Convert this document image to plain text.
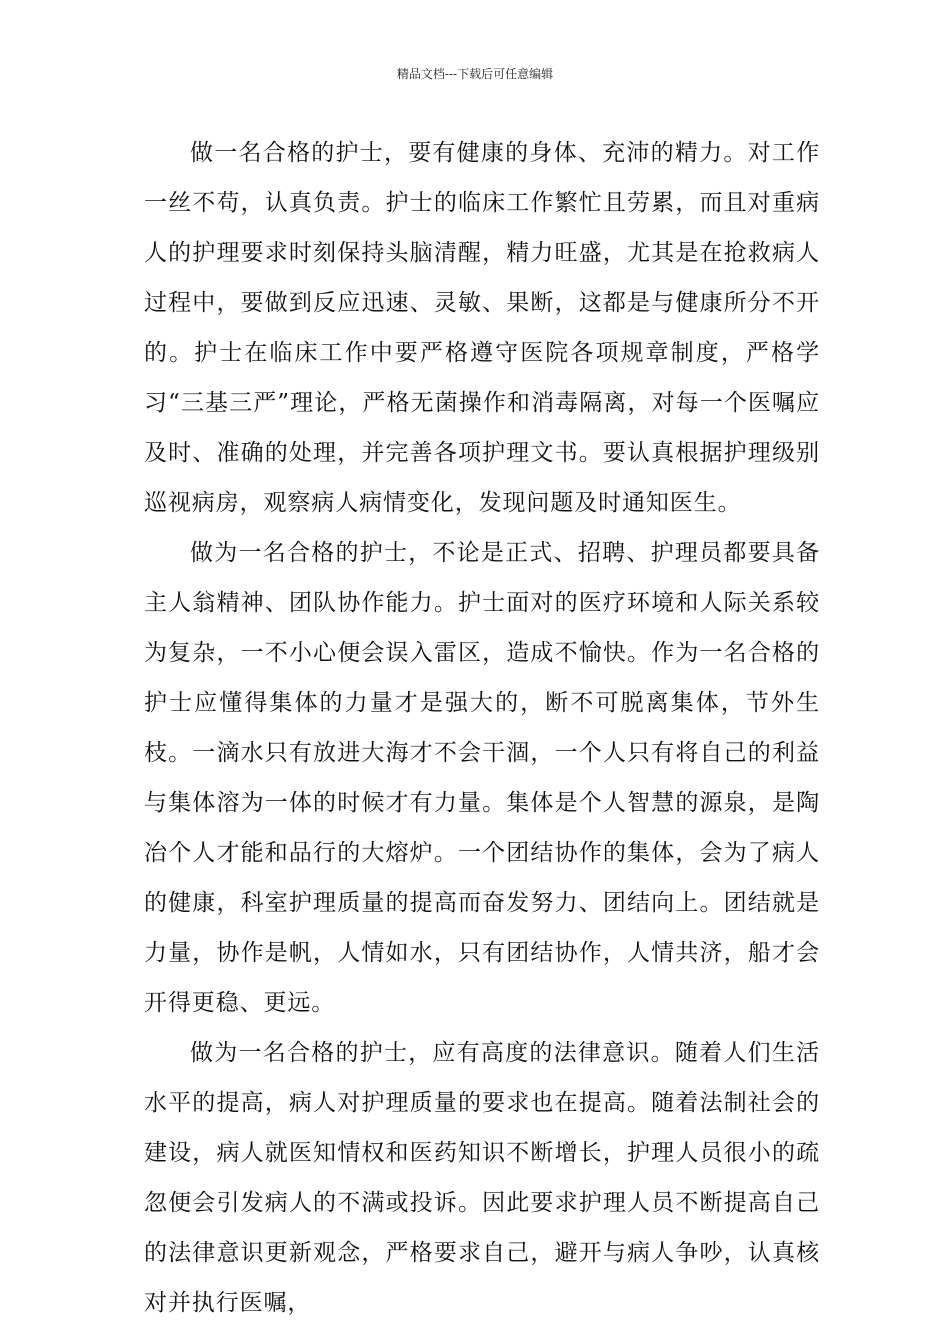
精品文档---下载后可任意编辑

做一名合格的护士，要有健康的身体、充沛的精力。对工作一丝不苟，认真负责。护士的临床工作繁忙且劳累，而且对重病人的护理要求时刻保持头脑清醒，精力旺盛，尤其是在抢救病人过程中，要做到反应迅速、灵敏、果断，这都是与健康所分不开的。护士在临床工作中要严格遵守医院各项规章制度，严格学习“三基三严”理论，严格无菌操作和消毒隔离，对每一个医嘱应及时、准确的处理，并完善各项护理文书。要认真根据护理级别巡视病房，观察病人病情变化，发现问题及时通知医生。

做为一名合格的护士，不论是正式、招聘、护理员都要具备主人翁精神、团队协作能力。护士面对的医疗环境和人际关系较为复杂，一不小心便会误入雷区，造成不愉快。作为一名合格的护士应懂得集体的力量才是强大的，断不可脱离集体，节外生枝。一滴水只有放进大海才不会干涸，一个人只有将自己的利益与集体溶为一体的时候才有力量。集体是个人智慧的源泉，是陶冶个人才能和品行的大熔炉。一个团结协作的集体，会为了病人的健康，科室护理质量的提高而奋发努力、团结向上。团结就是力量，协作是帆，人情如水，只有团结协作，人情共济，船才会开得更稳、更远。

做为一名合格的护士，应有高度的法律意识。随着人们生活水平的提高，病人对护理质量的要求也在提高。随着法制社会的建设，病人就医知情权和医药知识不断增长，护理人员很小的疏忽便会引发病人的不满或投诉。因此要求护理人员不断提高自己的法律意识更新观念，严格要求自己，避开与病人争吵，认真核对并执行医嘱，
